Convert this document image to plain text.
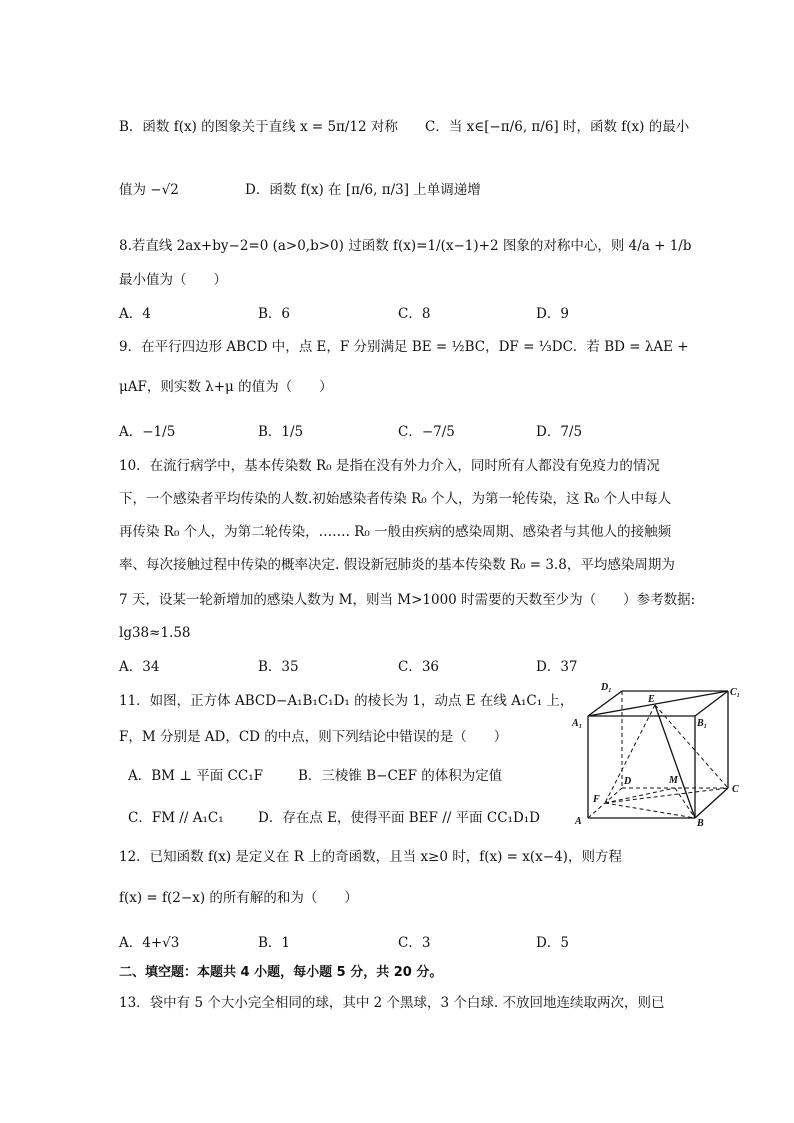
B．函数 f(x) 的图象关于直线 x = 5π/12 对称 C．当 x∈[−π/6, π/6] 时，函数 f(x) 的最小
值为 −√2	D．函数 f(x) 在 [π/6, π/3] 上单调递增
8.若直线 2ax+by−2=0 (a>0,b>0) 过函数 f(x)=1/(x−1)+2 图象的对称中心，则 4/a + 1/b
最小值为（　　）
A．4	B．6	C．8	D．9
9．在平行四边形 ABCD 中，点 E，F 分别满足 BE = ½BC，DF = ⅓DC．若 BD = λAE +
μAF，则实数 λ+μ 的值为（　　）
A．−1/5	B．1/5	C．−7/5	D．7/5
10．在流行病学中，基本传染数 R₀ 是指在没有外力介入，同时所有人都没有免疫力的情况
下，一个感染者平均传染的人数.初始感染者传染 R₀ 个人，为第一轮传染，这 R₀ 个人中每人
再传染 R₀ 个人，为第二轮传染，……. R₀ 一般由疾病的感染周期、感染者与其他人的接触频
率、每次接触过程中传染的概率决定. 假设新冠肺炎的基本传染数 R₀ = 3.8，平均感染周期为
7 天，设某一轮新增加的感染人数为 M，则当 M>1000 时需要的天数至少为（　　）参考数据:
lg38≈1.58
A．34	B．35	C．36	D．37
11．如图，正方体 ABCD−A₁B₁C₁D₁ 的棱长为 1，动点 E 在线 A₁C₁ 上，
F，M 分别是 AD，CD 的中点，则下列结论中错误的是（　　）
A．BM ⊥ 平面 CC₁F	B．三棱锥 B−CEF 的体积为定值
C．FM // A₁C₁	D．存在点 E，使得平面 BEF // 平面 CC₁D₁D
D₁
E
C₁
A₁	B₁
D	M
C
F
A	B
12．已知函数 f(x) 是定义在 R 上的奇函数，且当 x≥0 时，f(x) = x(x−4)，则方程
f(x) = f(2−x) 的所有解的和为（　　）
A．4+√3	B．1	C．3	D．5
二、填空题：本题共 4 小题，每小题 5 分，共 20 分。
13．袋中有 5 个大小完全相同的球，其中 2 个黑球，3 个白球. 不放回地连续取两次，则已
